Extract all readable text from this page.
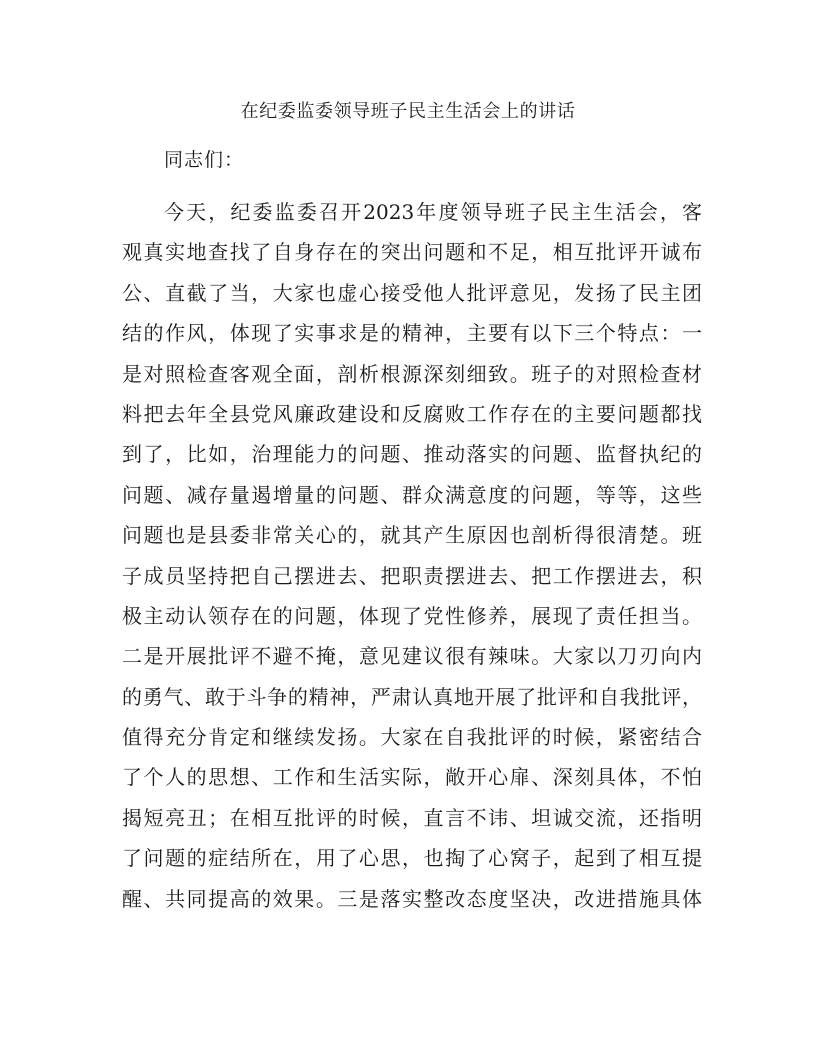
在纪委监委领导班子民主生活会上的讲话
同志们：
今天，纪委监委召开2023年度领导班子民主生活会，客
观真实地查找了自身存在的突出问题和不足，相互批评开诚布
公、直截了当，大家也虚心接受他人批评意见，发扬了民主团
结的作风，体现了实事求是的精神，主要有以下三个特点：一
是对照检查客观全面，剖析根源深刻细致。班子的对照检查材
料把去年全县党风廉政建设和反腐败工作存在的主要问题都找
到了，比如，治理能力的问题、推动落实的问题、监督执纪的
问题、减存量遏增量的问题、群众满意度的问题，等等，这些
问题也是县委非常关心的，就其产生原因也剖析得很清楚。班
子成员坚持把自己摆进去、把职责摆进去、把工作摆进去，积
极主动认领存在的问题，体现了党性修养，展现了责任担当。
二是开展批评不避不掩，意见建议很有辣味。大家以刀刃向内
的勇气、敢于斗争的精神，严肃认真地开展了批评和自我批评，
值得充分肯定和继续发扬。大家在自我批评的时候，紧密结合
了个人的思想、工作和生活实际，敞开心扉、深刻具体，不怕
揭短亮丑；在相互批评的时候，直言不讳、坦诚交流，还指明
了问题的症结所在，用了心思，也掏了心窝子，起到了相互提
醒、共同提高的效果。三是落实整改态度坚决，改进措施具体
